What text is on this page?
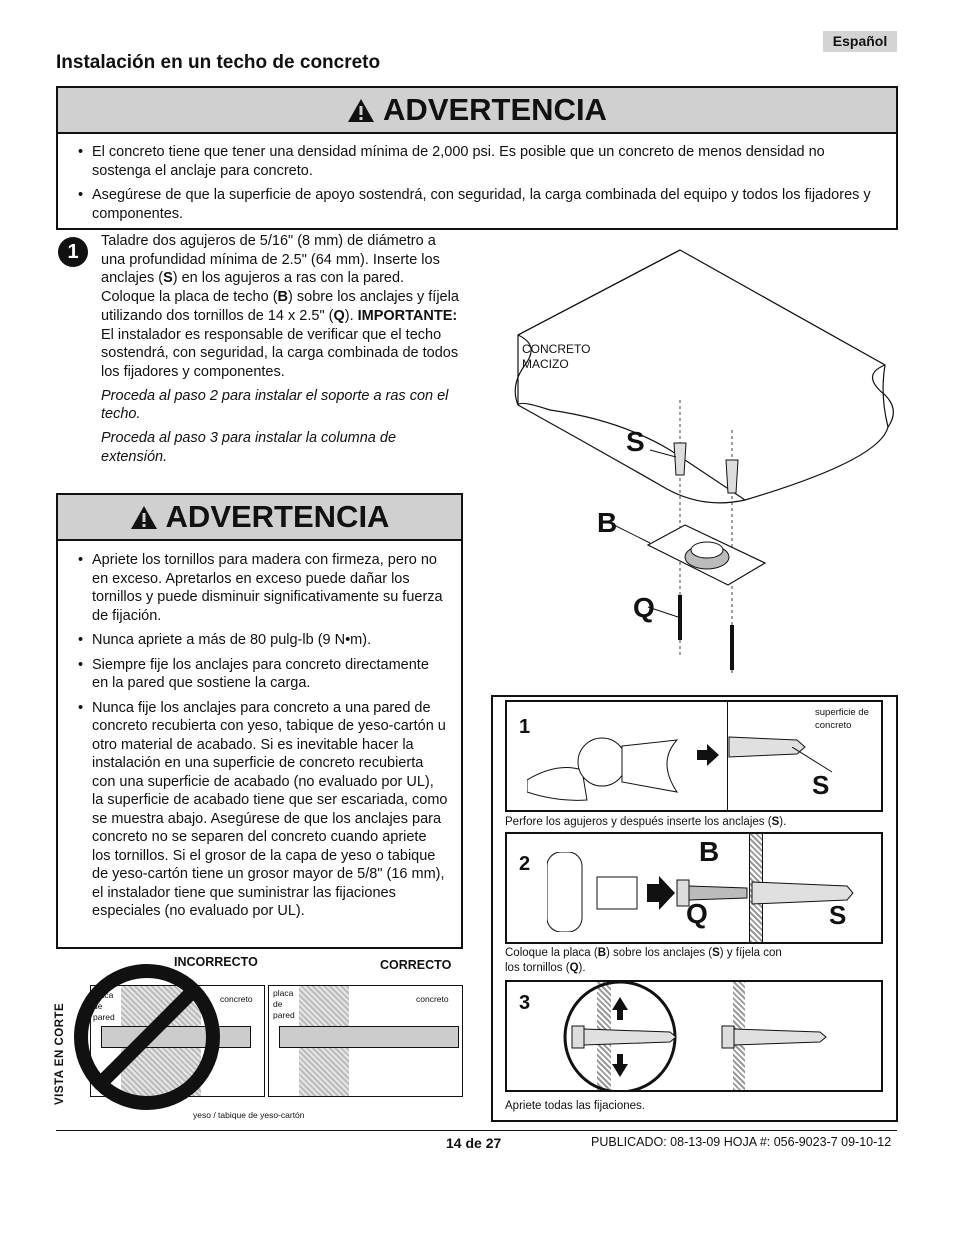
Español
Instalación en un techo de concreto
ADVERTENCIA
• El concreto tiene que tener una densidad mínima de 2,000 psi. Es posible que un concreto de menos densidad no sostenga el anclaje para concreto.
• Asegúrese de que la superficie de apoyo sostendrá, con seguridad, la carga combinada del equipo y todos los fijadores y componentes.
1	Taladre dos agujeros de 5/16" (8 mm) de diámetro a una profundidad mínima de 2.5" (64 mm). Inserte los anclajes (S) en los agujeros a ras con la pared. Coloque la placa de techo (B) sobre los anclajes y fíjela utilizando dos tornillos de 14 x 2.5" (Q). IMPORTANTE: El instalador es responsable de verificar que el techo sostendrá, con seguridad, la carga combinada de todos los fijadores y componentes.

Proceda al paso 2 para instalar el soporte a ras con el techo.

Proceda al paso 3 para instalar la columna de extensión.

ADVERTENCIA
• Apriete los tornillos para madera con firmeza, pero no en exceso. Apretarlos en exceso puede dañar los tornillos y puede disminuir significativamente su fuerza de fijación.
• Nunca apriete a más de 80 pulg-lb (9 N•m).
• Siempre fije los anclajes para concreto directamente en la pared que sostiene la carga.
• Nunca fije los anclajes para concreto a una pared de concreto recubierta con yeso, tabique de yeso-cartón u otro material de acabado. Si es inevitable hacer la instalación en una superficie de concreto recubierta con una superficie de acabado (no evaluado por UL), la superficie de acabado tiene que ser escariada, como se muestra abajo. Asegúrese de que los anclajes para concreto no se separen del concreto cuando apriete los tornillos. Si el grosor de la capa de yeso o tabique de yeso-cartón tiene un grosor mayor de 5/8" (16 mm), el instalador tiene que suministrar las fijaciones especiales (no evaluado por UL).
CONCRETO
MACIZO
S
B
Q
VISTA EN CORTE
INCORRECTO	CORRECTO
placa
de
pared
placa
de
pared
concreto	concreto
yeso / tabique de yeso-cartón
1
S
superficie de
concreto
Perfore los agujeros y después inserte los anclajes (S).
2	B
Q	S
Coloque la placa (B) sobre los anclajes (S) y fíjela con
los tornillos (Q).
3
Apriete todas las fijaciones.
14 de 27	PUBLICADO: 08-13-09 HOJA #: 056-9023-7 09-10-12
